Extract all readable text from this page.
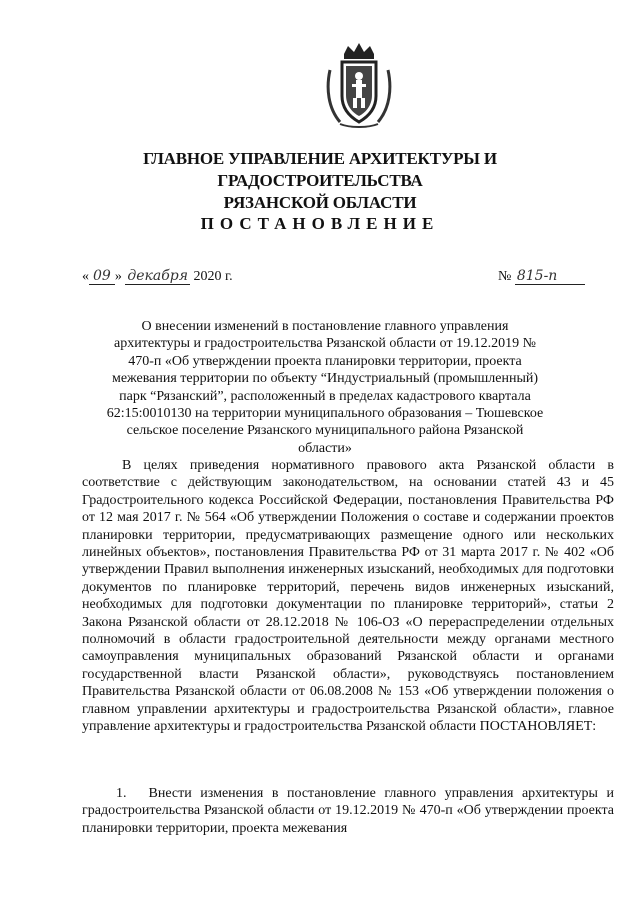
ГЛАВНОЕ УПРАВЛЕНИЕ АРХИТЕКТУРЫ И ГРАДОСТРОИТЕЛЬСТВА
РЯЗАНСКОЙ ОБЛАСТИ
ПОСТАНОВЛЕНИЕ
« 09 » декабря 2020 г.	№ 815-п
О внесении изменений в постановление главного управления архитектуры и градостроительства Рязанской области от 19.12.2019 № 470-п «Об утверждении проекта планировки территории, проекта межевания территории по объекту “Индустриальный (промышленный) парк “Рязанский”, расположенный в пределах кадастрового квартала 62:15:0010130 на территории муниципального образования – Тюшевское сельское поселение Рязанского муниципального района Рязанской области»

В целях приведения нормативного правового акта Рязанской области в соответствие с действующим законодательством, на основании статей 43 и 45 Градостроительного кодекса Российской Федерации, постановления Правительства РФ от 12 мая 2017 г. № 564 «Об утверждении Положения о составе и содержании проектов планировки территории, предусматривающих размещение одного или нескольких линейных объектов», постановления Правительства РФ от 31 марта 2017 г. № 402 «Об утверждении Правил выполнения инженерных изысканий, необходимых для подготовки документов по планировке территорий, перечень видов инженерных изысканий, необходимых для подготовки документации по планировке территорий», статьи 2 Закона Рязанской области от 28.12.2018 № 106-ОЗ «О перераспределении отдельных полномочий в области градостроительной деятельности между органами местного самоуправления муниципальных образований Рязанской области и органами государственной власти Рязанской области», руководствуясь постановлением Правительства Рязанской области от 06.08.2008 № 153 «Об утверждении положения о главном управлении архитектуры и градостроительства Рязанской области», главное управление архитектуры и градостроительства Рязанской области ПОСТАНОВЛЯЕТ:

1. Внести изменения в постановление главного управления архитектуры и градостроительства Рязанской области от 19.12.2019 № 470-п «Об утверждении проекта планировки территории, проекта межевания
